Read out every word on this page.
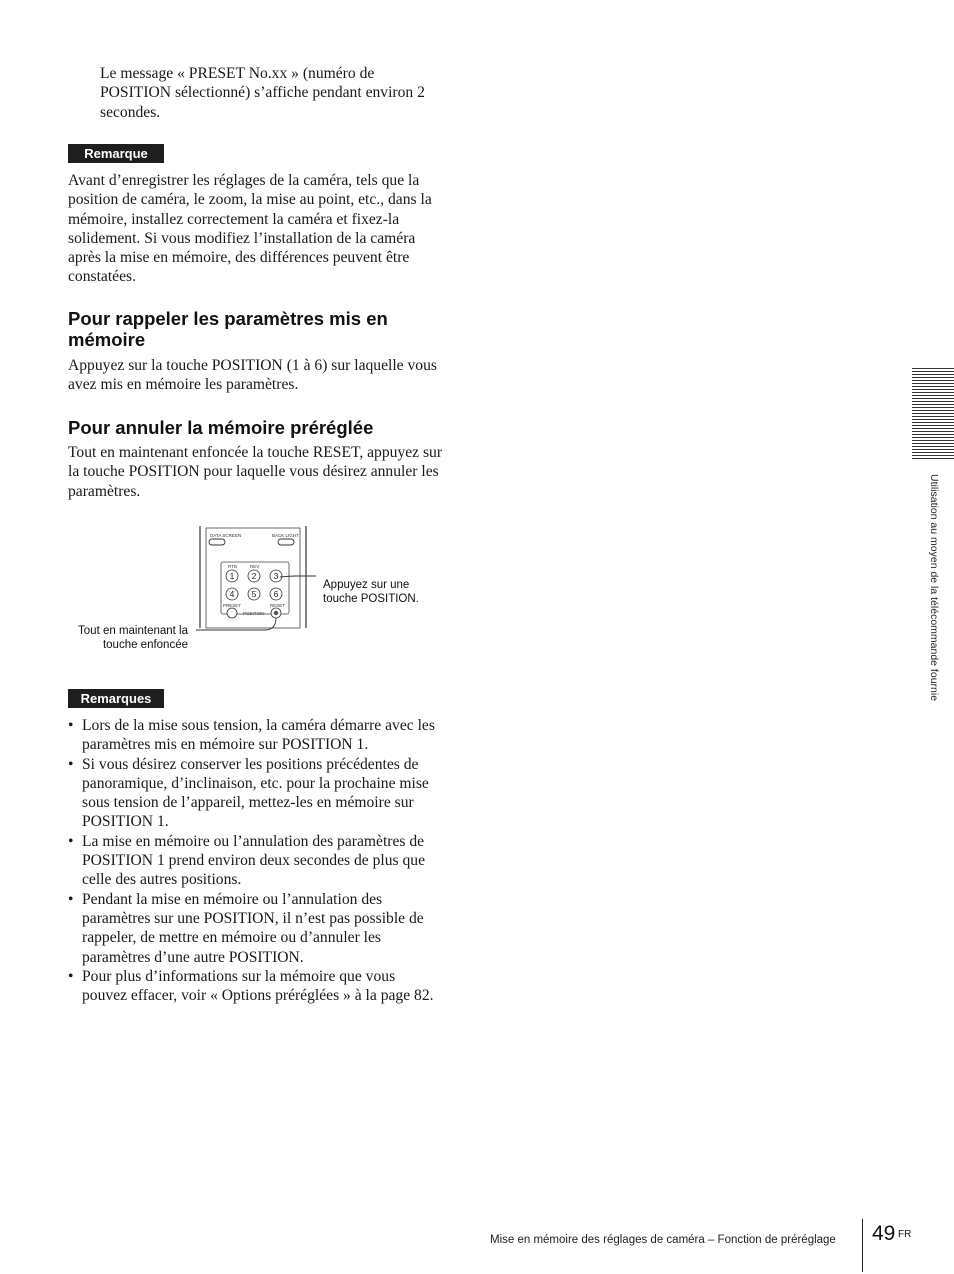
Le message « PRESET No.xx » (numéro de POSITION sélectionné) s’affiche pendant environ 2 secondes.
Remarque
Avant d’enregistrer les réglages de la caméra, tels que la position de caméra, le zoom, la mise au point, etc., dans la mémoire, installez correctement la caméra et fixez-la solidement. Si vous modifiez l’installation de la caméra après la mise en mémoire, des différences peuvent être constatées.
Pour rappeler les paramètres mis en mémoire
Appuyez sur la touche POSITION (1 à 6) sur laquelle vous avez mis en mémoire les paramètres.
Pour annuler la mémoire préréglée
Tout en maintenant enfoncée la touche RESET, appuyez sur la touche POSITION pour laquelle vous désirez annuler les paramètres.
DATA SCREEN	BACK LIGHT
RTD	REV
1 2 3
4 5 6
PRESET	RESET
POSITION
Appuyez sur une
touche POSITION.
Tout en maintenant la
touche enfoncée
Remarques
• Lors de la mise sous tension, la caméra démarre avec les paramètres mis en mémoire sur POSITION 1.
• Si vous désirez conserver les positions précédentes de panoramique, d’inclinaison, etc. pour la prochaine mise sous tension de l’appareil, mettez-les en mémoire sur POSITION 1.
• La mise en mémoire ou l’annulation des paramètres de POSITION 1 prend environ deux secondes de plus que celle des autres positions.
• Pendant la mise en mémoire ou l’annulation des paramètres sur une POSITION, il n’est pas possible de rappeler, de mettre en mémoire ou d’annuler les paramètres d’une autre POSITION.
• Pour plus d’informations sur la mémoire que vous pouvez effacer, voir « Options préréglées » à la page 82.
Utilisation au moyen de la télécommande fournie
Mise en mémoire des réglages de caméra – Fonction de préréglage 49 FR
